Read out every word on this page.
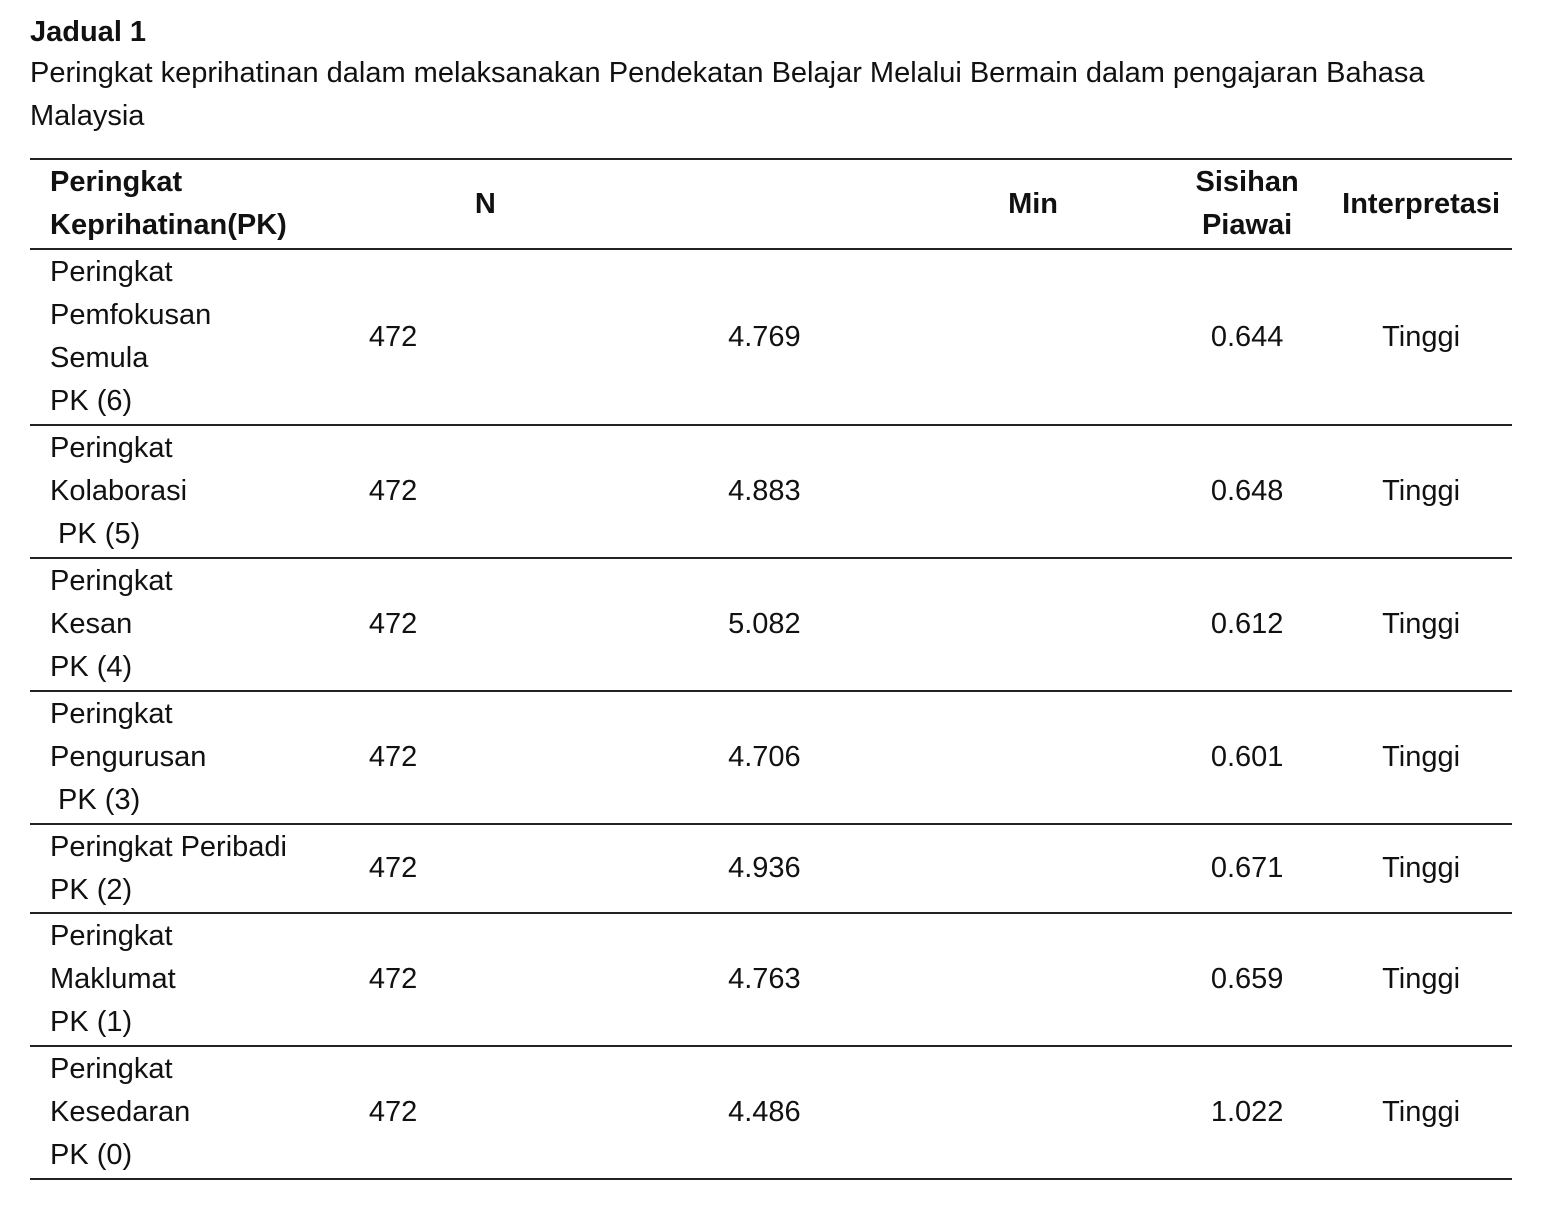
Jadual 1

Peringkat keprihatinan dalam melaksanakan Pendekatan Belajar Melalui Bermain dalam pengajaran Bahasa Malaysia

Peringkat
Keprihatinan(PK)	N	Min	Sisihan Piawai	Interpretasi

Peringkat
Pemfokusan
Semula
PK (6)	472	4.769	0.644	Tinggi

Peringkat
Kolaborasi
PK (5)	472	4.883	0.648	Tinggi

Peringkat
Kesan
PK (4)	472	5.082	0.612	Tinggi

Peringkat
Pengurusan
PK (3)	472	4.706	0.601	Tinggi

Peringkat Peribadi
PK (2)	472	4.936	0.671	Tinggi

Peringkat
Maklumat
PK (1)	472	4.763	0.659	Tinggi

Peringkat
Kesedaran
PK (0)	472	4.486	1.022	Tinggi
